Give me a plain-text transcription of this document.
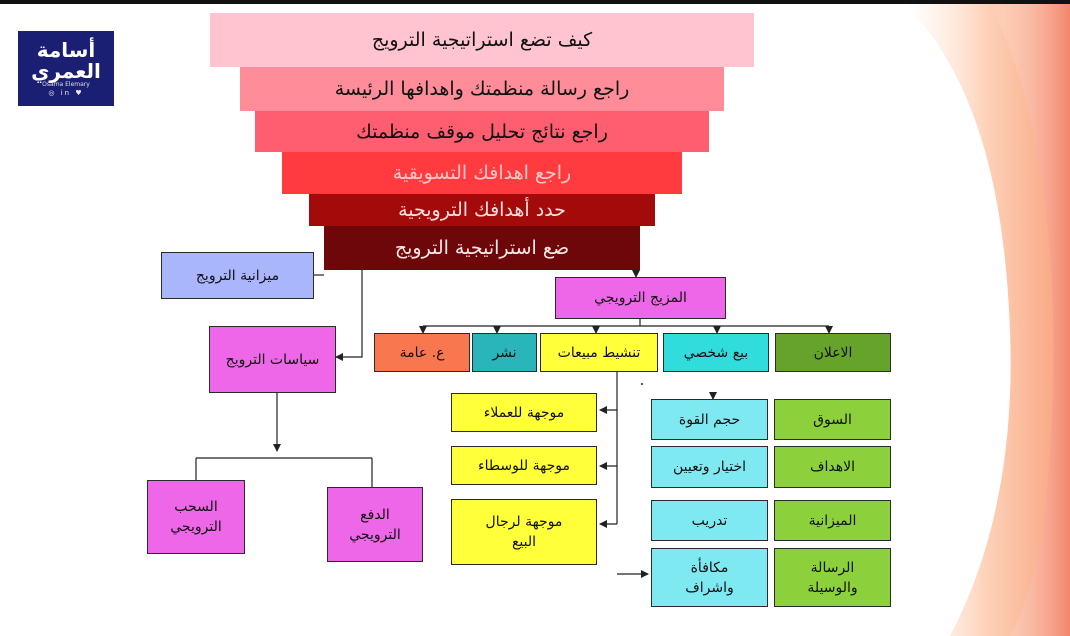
أسامة
العمري
Osama Elemary
◎ in ♥
كيف تضع استراتيجية الترويج
راجع رسالة منظمتك واهدافها الرئيسة
راجع نتائج تحليل موقف منظمتك
راجع اهدافك التسويقية
حدد أهدافك الترويجية
ضع استراتيجية الترويج
ميزانية الترويج
سياسات الترويج
السحب الترويجي
الدفع الترويجي
المزيج الترويجي
ع. عامة	نشر	تنشيط مبيعات	بيع شخصي	الاعلان
موجهة للعملاء
موجهة للوسطاء
موجهة لرجال البيع
حجم القوة
اختيار وتعيين
تدريب
مكافأة واشراف
السوق
الاهداف
الميزانية
الرسالة والوسيلة
